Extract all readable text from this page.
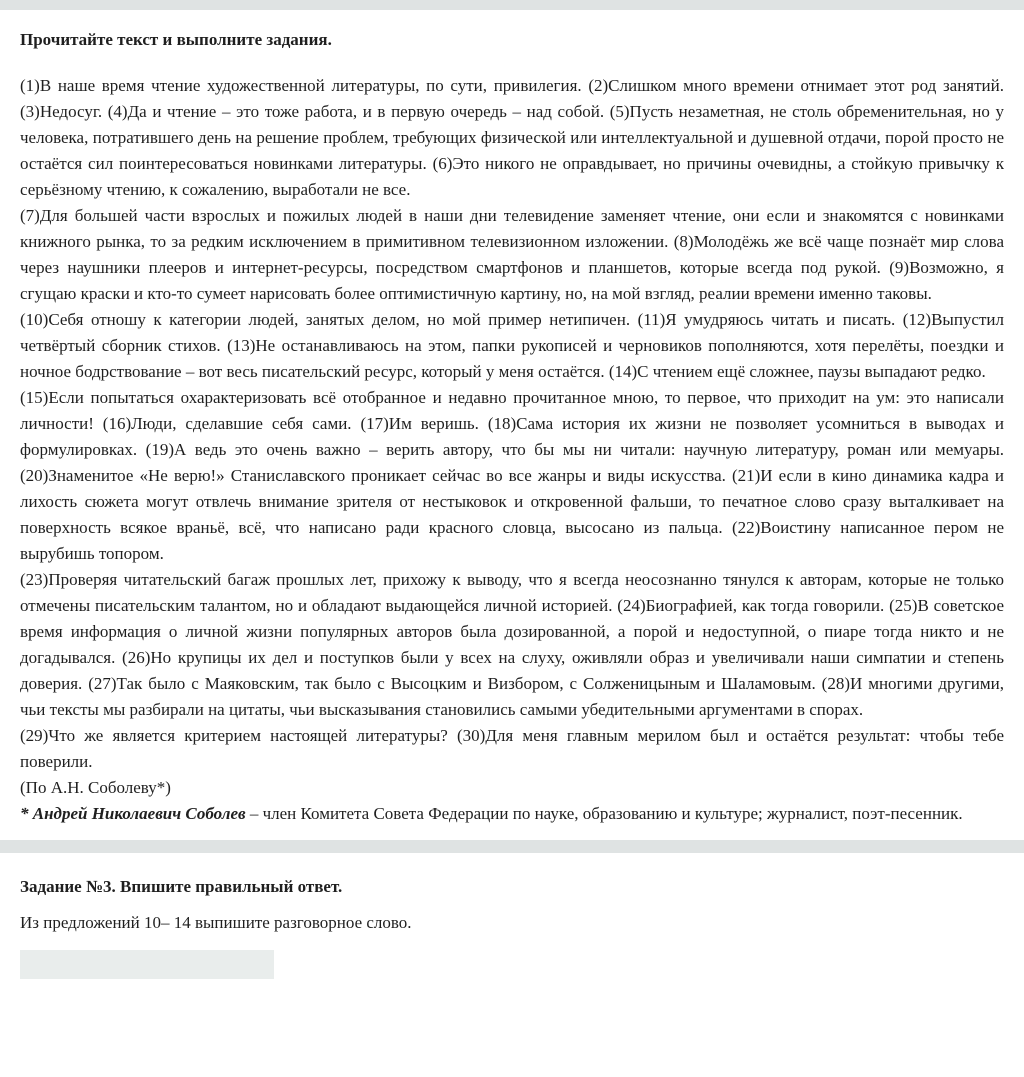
Прочитайте текст и выполните задания.

(1)В наше время чтение художественной литературы, по сути, привилегия. (2)Слишком много времени отнимает этот род занятий. (3)Недосуг. (4)Да и чтение – это тоже работа, и в первую очередь – над собой. (5)Пусть незаметная, не столь обременительная, но у человека, потратившего день на решение проблем, требующих физической или интеллектуальной и душевной отдачи, порой просто не остаётся сил поинтересоваться новинками литературы. (6)Это никого не оправдывает, но причины очевидны, а стойкую привычку к серьёзному чтению, к сожалению, выработали не все.

(7)Для большей части взрослых и пожилых людей в наши дни телевидение заменяет чтение, они если и знакомятся с новинками книжного рынка, то за редким исключением в примитивном телевизионном изложении. (8)Молодёжь же всё чаще познаёт мир слова через наушники плееров и интернет-ресурсы, посредством смартфонов и планшетов, которые всегда под рукой. (9)Возможно, я сгущаю краски и кто-то сумеет нарисовать более оптимистичную картину, но, на мой взгляд, реалии времени именно таковы.

(10)Себя отношу к категории людей, занятых делом, но мой пример нетипичен. (11)Я умудряюсь читать и писать. (12)Выпустил четвёртый сборник стихов. (13)Не останавливаюсь на этом, папки рукописей и черновиков пополняются, хотя перелёты, поездки и ночное бодрствование – вот весь писательский ресурс, который у меня остаётся. (14)С чтением ещё сложнее, паузы выпадают редко.

(15)Если попытаться охарактеризовать всё отобранное и недавно прочитанное мною, то первое, что приходит на ум: это написали личности! (16)Люди, сделавшие себя сами. (17)Им веришь. (18)Сама история их жизни не позволяет усомниться в выводах и формулировках. (19)А ведь это очень важно – верить автору, что бы мы ни читали: научную литературу, роман или мемуары. (20)Знаменитое «Не верю!» Станиславского проникает сейчас во все жанры и виды искусства. (21)И если в кино динамика кадра и лихость сюжета могут отвлечь внимание зрителя от нестыковок и откровенной фальши, то печатное слово сразу выталкивает на поверхность всякое враньё, всё, что написано ради красного словца, высосано из пальца. (22)Воистину написанное пером не вырубишь топором.

(23)Проверяя читательский багаж прошлых лет, прихожу к выводу, что я всегда неосознанно тянулся к авторам, которые не только отмечены писательским талантом, но и обладают выдающейся личной историей. (24)Биографией, как тогда говорили. (25)В советское время информация о личной жизни популярных авторов была дозированной, а порой и недоступной, о пиаре тогда никто и не догадывался. (26)Но крупицы их дел и поступков были у всех на слуху, оживляли образ и увеличивали наши симпатии и степень доверия. (27)Так было с Маяковским, так было с Высоцким и Визбором, с Солженицыным и Шаламовым. (28)И многими другими, чьи тексты мы разбирали на цитаты, чьи высказывания становились самыми убедительными аргументами в спорах.

(29)Что же является критерием настоящей литературы? (30)Для меня главным мерилом был и остаётся результат: чтобы тебе поверили.

(По А.Н. Соболеву*)

* Андрей Николаевич Соболев – член Комитета Совета Федерации по науке, образованию и культуре; журналист, поэт-песенник.

Задание №3. Впишите правильный ответ.

Из предложений 10– 14 выпишите разговорное слово.
